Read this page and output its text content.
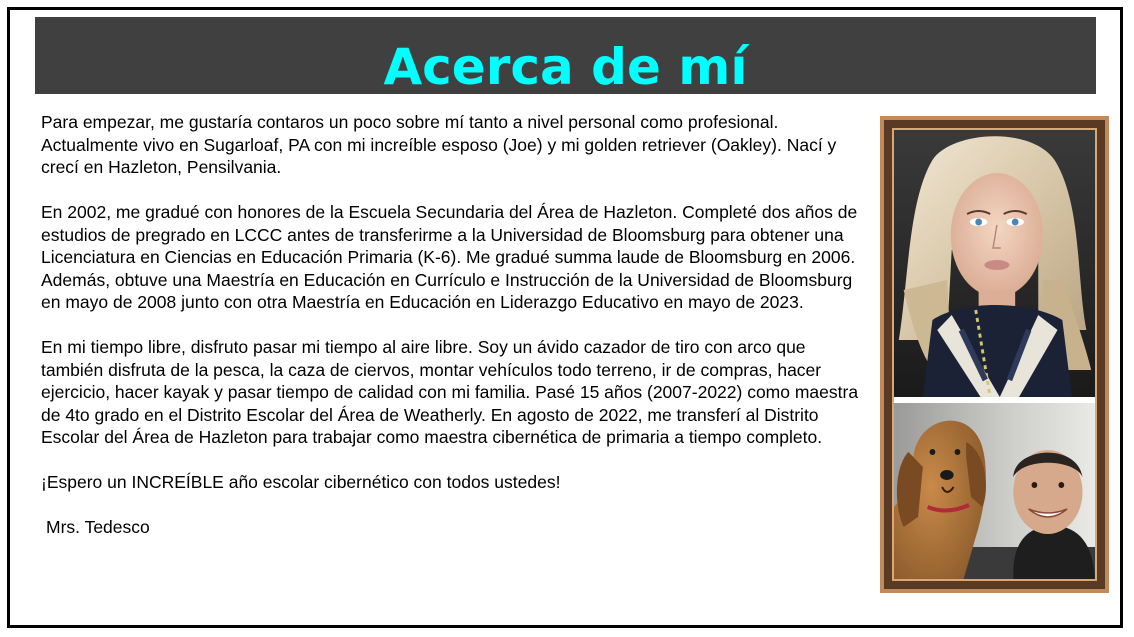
Acerca de mí

Para empezar, me gustaría contaros un poco sobre mí tanto a nivel personal como profesional. Actualmente vivo en Sugarloaf, PA con mi increíble esposo (Joe) y mi golden retriever (Oakley). Nací y crecí en Hazleton, Pensilvania.

En 2002, me gradué con honores de la Escuela Secundaria del Área de Hazleton. Completé dos años de estudios de pregrado en LCCC antes de transferirme a la Universidad de Bloomsburg para obtener una Licenciatura en Ciencias en Educación Primaria (K-6). Me gradué summa laude de Bloomsburg en 2006. Además, obtuve una Maestría en Educación en Currículo e Instrucción de la Universidad de Bloomsburg en mayo de 2008 junto con otra Maestría en Educación en Liderazgo Educativo en mayo de 2023.

En mi tiempo libre, disfruto pasar mi tiempo al aire libre. Soy un ávido cazador de tiro con arco que también disfruta de la pesca, la caza de ciervos, montar vehículos todo terreno, ir de compras, hacer ejercicio, hacer kayak y pasar tiempo de calidad con mi familia. Pasé 15 años (2007-2022) como maestra de 4to grado en el Distrito Escolar del Área de Weatherly. En agosto de 2022, me transferí al Distrito Escolar del Área de Hazleton para trabajar como maestra cibernética de primaria a tiempo completo.

¡Espero un INCREÍBLE año escolar cibernético con todos ustedes!

Mrs. Tedesco
